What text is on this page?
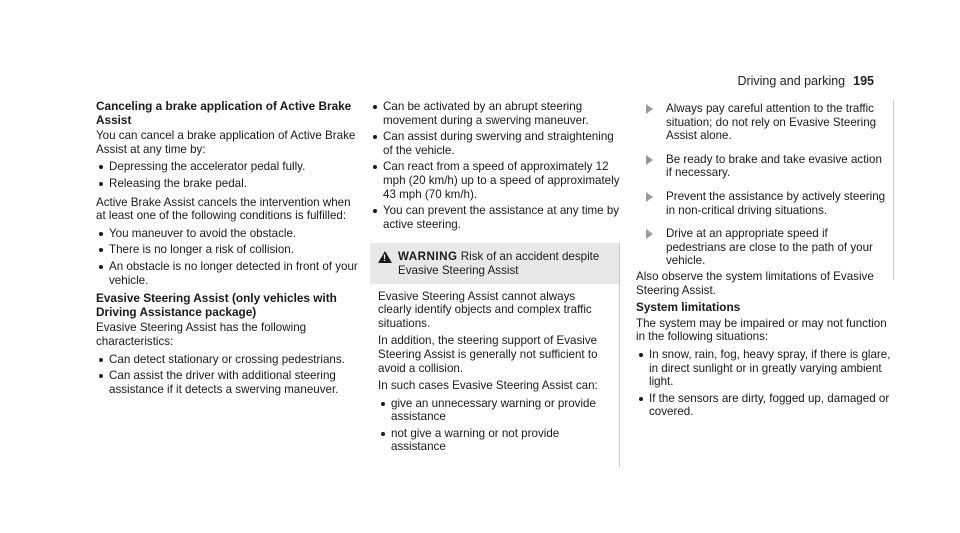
Driving and parking 195
Canceling a brake application of Active Brake Assist

You can cancel a brake application of Active Brake Assist at any time by:

Depressing the accelerator pedal fully.
Releasing the brake pedal.

Active Brake Assist cancels the intervention when at least one of the following conditions is fulfilled:

You maneuver to avoid the obstacle.
There is no longer a risk of collision.
An obstacle is no longer detected in front of your vehicle.
Evasive Steering Assist (only vehicles with Driving Assistance package)

Evasive Steering Assist has the following characteristics:

Can detect stationary or crossing pedestrians.
Can assist the driver with additional steering assistance if it detects a swerving maneuver.
Can be activated by an abrupt steering movement during a swerving maneuver.
Can assist during swerving and straightening of the vehicle.
Can react from a speed of approximately 12 mph (20 km/h) up to a speed of approximately 43 mph (70 km/h).
You can prevent the assistance at any time by active steering.
!
WARNING Risk of an accident despite Evasive Steering Assist

Evasive Steering Assist cannot always clearly identify objects and complex traffic situations.

In addition, the steering support of Evasive Steering Assist is generally not sufficient to avoid a collision.

In such cases Evasive Steering Assist can:

give an unnecessary warning or provide assistance
not give a warning or not provide assistance
Always pay careful attention to the traffic situation; do not rely on Evasive Steering Assist alone.
Be ready to brake and take evasive action if necessary.
Prevent the assistance by actively steering in non-critical driving situations.
Drive at an appropriate speed if pedestrians are close to the path of your vehicle.

Also observe the system limitations of Evasive Steering Assist.

System limitations

The system may be impaired or may not function in the following situations:

In snow, rain, fog, heavy spray, if there is glare, in direct sunlight or in greatly varying ambient light.
If the sensors are dirty, fogged up, damaged or covered.
